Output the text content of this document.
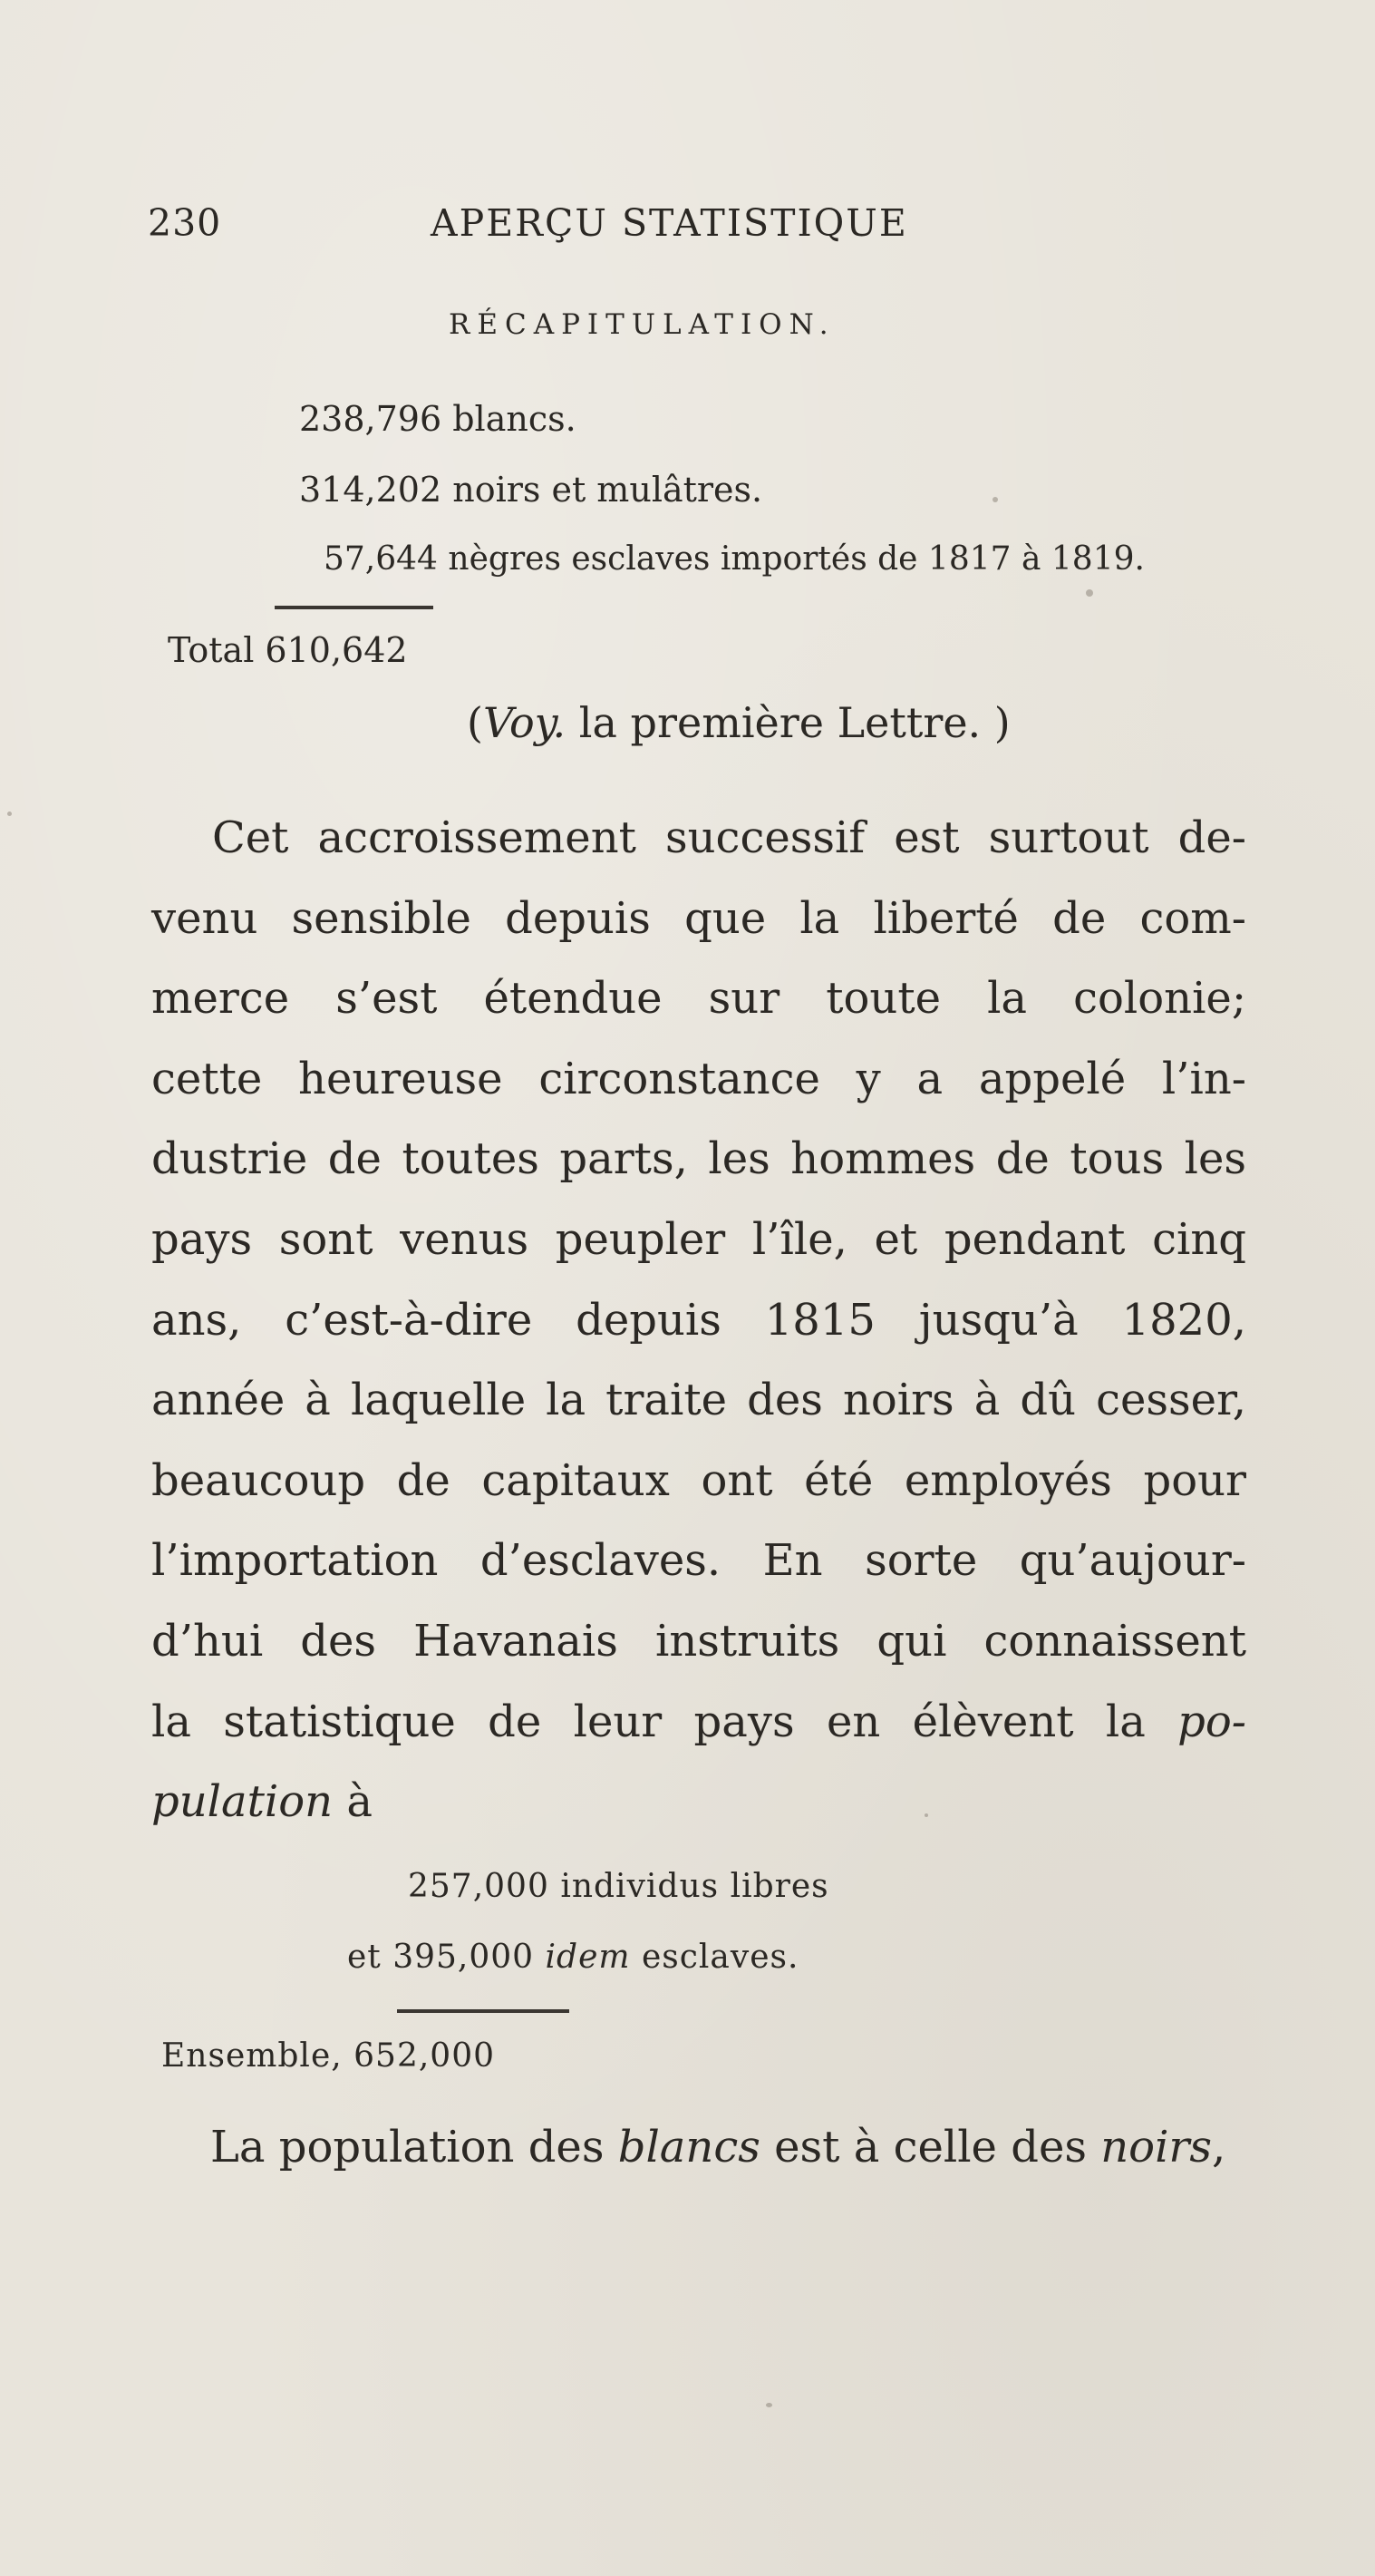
230	APERÇU STATISTIQUE
RÉCAPITULATION.
238,796 blancs.
314,202 noirs et mulâtres.
57,644 nègres esclaves importés de 1817 à 1819.
Total 610,642
(Voy. la première Lettre. )
Cet accroissement successif est surtout de-
venu sensible depuis que la liberté de com-
merce s’est étendue sur toute la colonie;
cette heureuse circonstance y a appelé l’in-
dustrie de toutes parts, les hommes de tous les
pays sont venus peupler l’île, et pendant cinq
ans, c’est-à-dire depuis 1815 jusqu’à 1820,
année à laquelle la traite des noirs à dû cesser,
beaucoup de capitaux ont été employés pour
l’importation d’esclaves. En sorte qu’aujour-
d’hui des Havanais instruits qui connaissent
la statistique de leur pays en élèvent la po-
pulation à
257,000 individus libres
et 395,000 idem esclaves.
Ensemble, 652,000
La population des blancs est à celle des noirs,
